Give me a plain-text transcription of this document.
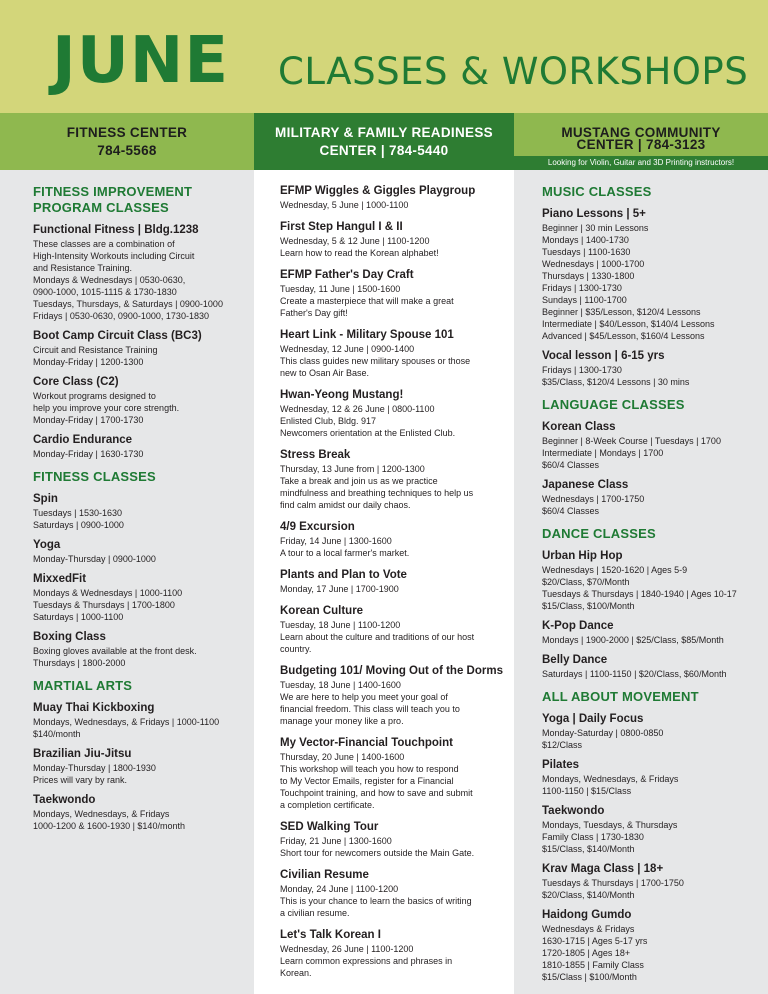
JUNE CLASSES & WORKSHOPS
FITNESS CENTER
784-5568
MILITARY & FAMILY READINESS
CENTER | 784-5440
MUSTANG COMMUNITY
CENTER | 784-3123
Looking for Violin, Guitar and 3D Printing instructors!
FITNESS IMPROVEMENT PROGRAM CLASSES
Functional Fitness | Bldg.1238
These classes are a combination of
High-Intensity Workouts including Circuit
and Resistance Training.
Mondays & Wednesdays | 0530-0630,
0900-1000, 1015-1115 & 1730-1830
Tuesdays, Thursdays, & Saturdays | 0900-1000
Fridays | 0530-0630, 0900-1000, 1730-1830
Boot Camp Circuit Class (BC3)
Circuit and Resistance Training
Monday-Friday | 1200-1300
Core Class (C2)
Workout programs designed to
help you improve your core strength.
Monday-Friday | 1700-1730
Cardio Endurance
Monday-Friday | 1630-1730
FITNESS CLASSES
Spin
Tuesdays | 1530-1630
Saturdays | 0900-1000
Yoga
Monday-Thursday | 0900-1000
MixxedFit
Mondays & Wednesdays | 1000-1100
Tuesdays & Thursdays | 1700-1800
Saturdays | 1000-1100
Boxing Class
Boxing gloves available at the front desk.
Thursdays | 1800-2000
MARTIAL ARTS
Muay Thai Kickboxing
Mondays, Wednesdays, & Fridays | 1000-1100
$140/month
Brazilian Jiu-Jitsu
Monday-Thursday | 1800-1930
Prices will vary by rank.
Taekwondo
Mondays, Wednesdays, & Fridays
1000-1200 & 1600-1930 | $140/month
EFMP Wiggles & Giggles Playgroup
Wednesday, 5 June | 1000-1100
First Step Hangul I & II
Wednesday, 5 & 12 June | 1100-1200
Learn how to read the Korean alphabet!
EFMP Father's Day Craft
Tuesday, 11 June | 1500-1600
Create a masterpiece that will make a great
Father's Day gift!
Heart Link - Military Spouse 101
Wednesday, 12 June | 0900-1400
This class guides new military spouses or those
new to Osan Air Base.
Hwan-Yeong Mustang!
Wednesday, 12 & 26 June | 0800-1100
Enlisted Club, Bldg. 917
Newcomers orientation at the Enlisted Club.
Stress Break
Thursday, 13 June from | 1200-1300
Take a break and join us as we practice
mindfulness and breathing techniques to help us
find calm amidst our daily chaos.
4/9 Excursion
Friday, 14 June | 1300-1600
A tour to a local farmer's market.
Plants and Plan to Vote
Monday, 17 June | 1700-1900
Korean Culture
Tuesday, 18 June | 1100-1200
Learn about the culture and traditions of our host
country.
Budgeting 101/ Moving Out of the Dorms
Tuesday, 18 June | 1400-1600
We are here to help you meet your goal of
financial freedom. This class will teach you to
manage your money like a pro.
My Vector-Financial Touchpoint
Thursday, 20 June | 1400-1600
This workshop will teach you how to respond
to My Vector Emails, register for a Financial
Touchpoint training, and how to save and submit
a completion certificate.
SED Walking Tour
Friday, 21 June | 1300-1600
Short tour for newcomers outside the Main Gate.
Civilian Resume
Monday, 24 June | 1100-1200
This is your chance to learn the basics of writing
a civilian resume.
Let's Talk Korean I
Wednesday, 26 June | 1100-1200
Learn common expressions and phrases in
Korean.
MUSIC CLASSES
Piano Lessons | 5+
Beginner | 30 min Lessons
Mondays | 1400-1730
Tuesdays | 1100-1630
Wednesdays | 1000-1700
Thursdays | 1330-1800
Fridays | 1300-1730
Sundays | 1100-1700
Beginner | $35/Lesson, $120/4 Lessons
Intermediate | $40/Lesson, $140/4 Lessons
Advanced | $45/Lesson, $160/4 Lessons
Vocal lesson | 6-15 yrs
Fridays | 1300-1730
$35/Class, $120/4 Lessons | 30 mins
LANGUAGE CLASSES
Korean Class
Beginner | 8-Week Course | Tuesdays | 1700
Intermediate | Mondays | 1700
$60/4 Classes
Japanese Class
Wednesdays | 1700-1750
$60/4 Classes
DANCE CLASSES
Urban Hip Hop
Wednesdays | 1520-1620 | Ages 5-9
$20/Class, $70/Month
Tuesdays & Thursdays | 1840-1940 | Ages 10-17
$15/Class, $100/Month
K-Pop Dance
Mondays | 1900-2000 | $25/Class, $85/Month
Belly Dance
Saturdays | 1100-1150 | $20/Class, $60/Month
ALL ABOUT MOVEMENT
Yoga | Daily Focus
Monday-Saturday | 0800-0850
$12/Class
Pilates
Mondays, Wednesdays, & Fridays
1100-1150 | $15/Class
Taekwondo
Mondays, Tuesdays, & Thursdays
Family Class | 1730-1830
$15/Class, $140/Month
Krav Maga Class | 18+
Tuesdays & Thursdays | 1700-1750
$20/Class, $140/Month
Haidong Gumdo
Wednesdays & Fridays
1630-1715 | Ages 5-17 yrs
1720-1805 | Ages 18+
1810-1855 | Family Class
$15/Class | $100/Month
